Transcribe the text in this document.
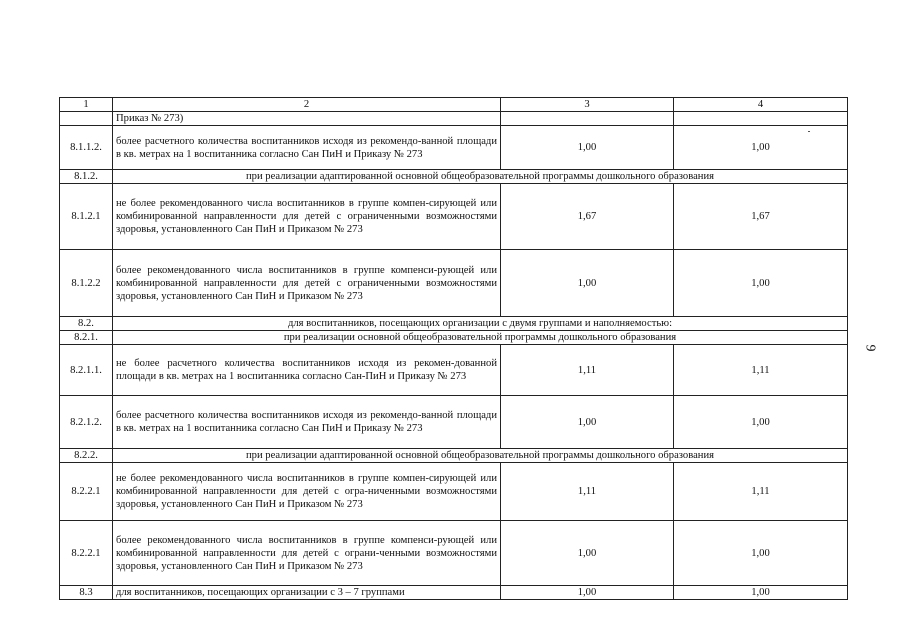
1	2	3	4
	Приказ № 273)		
8.1.1.2.	более расчетного количества воспитанников исходя из рекомендо-ванной площади в кв. метрах на 1 воспитанника согласно Сан ПиН и Приказу № 273	1,00	1,00
8.1.2.	при реализации адаптированной основной общеобразовательной программы дошкольного образования		
8.1.2.1	не более рекомендованного числа воспитанников в группе компен-сирующей или комбинированной направленности для детей с ограниченными возможностями здоровья, установленного Сан ПиН и Приказом № 273	1,67	1,67
8.1.2.2	более рекомендованного числа воспитанников в группе компенси-рующей или комбинированной направленности для детей с ограниченными возможностями здоровья, установленного Сан ПиН и Приказом № 273	1,00	1,00
8.2.	для воспитанников, посещающих организации с двумя группами и наполняемостью:		
8.2.1.	при реализации основной общеобразовательной программы дошкольного образования		
8.2.1.1.	не более расчетного количества воспитанников исходя из рекомен-дованной площади в кв. метрах на 1 воспитанника согласно Сан-ПиН и Приказу № 273	1,11	1,11
8.2.1.2.	более расчетного количества воспитанников исходя из рекомендо-ванной площади в кв. метрах на 1 воспитанника согласно Сан ПиН и Приказу № 273	1,00	1,00
8.2.2.	при реализации адаптированной основной общеобразовательной программы дошкольного образования		
8.2.2.1	не более рекомендованного числа воспитанников в группе компен-сирующей или комбинированной направленности для детей с огра-ниченными возможностями здоровья, установленного Сан ПиН и Приказом № 273	1,11	1,11
8.2.2.1	более рекомендованного числа воспитанников в группе компенси-рующей или комбинированной направленности для детей с ограни-ченными возможностями здоровья, установленного Сан ПиН и Приказом № 273	1,00	1,00
8.3	для воспитанников, посещающих организации с 3 – 7 группами	1,00	1,00
9
